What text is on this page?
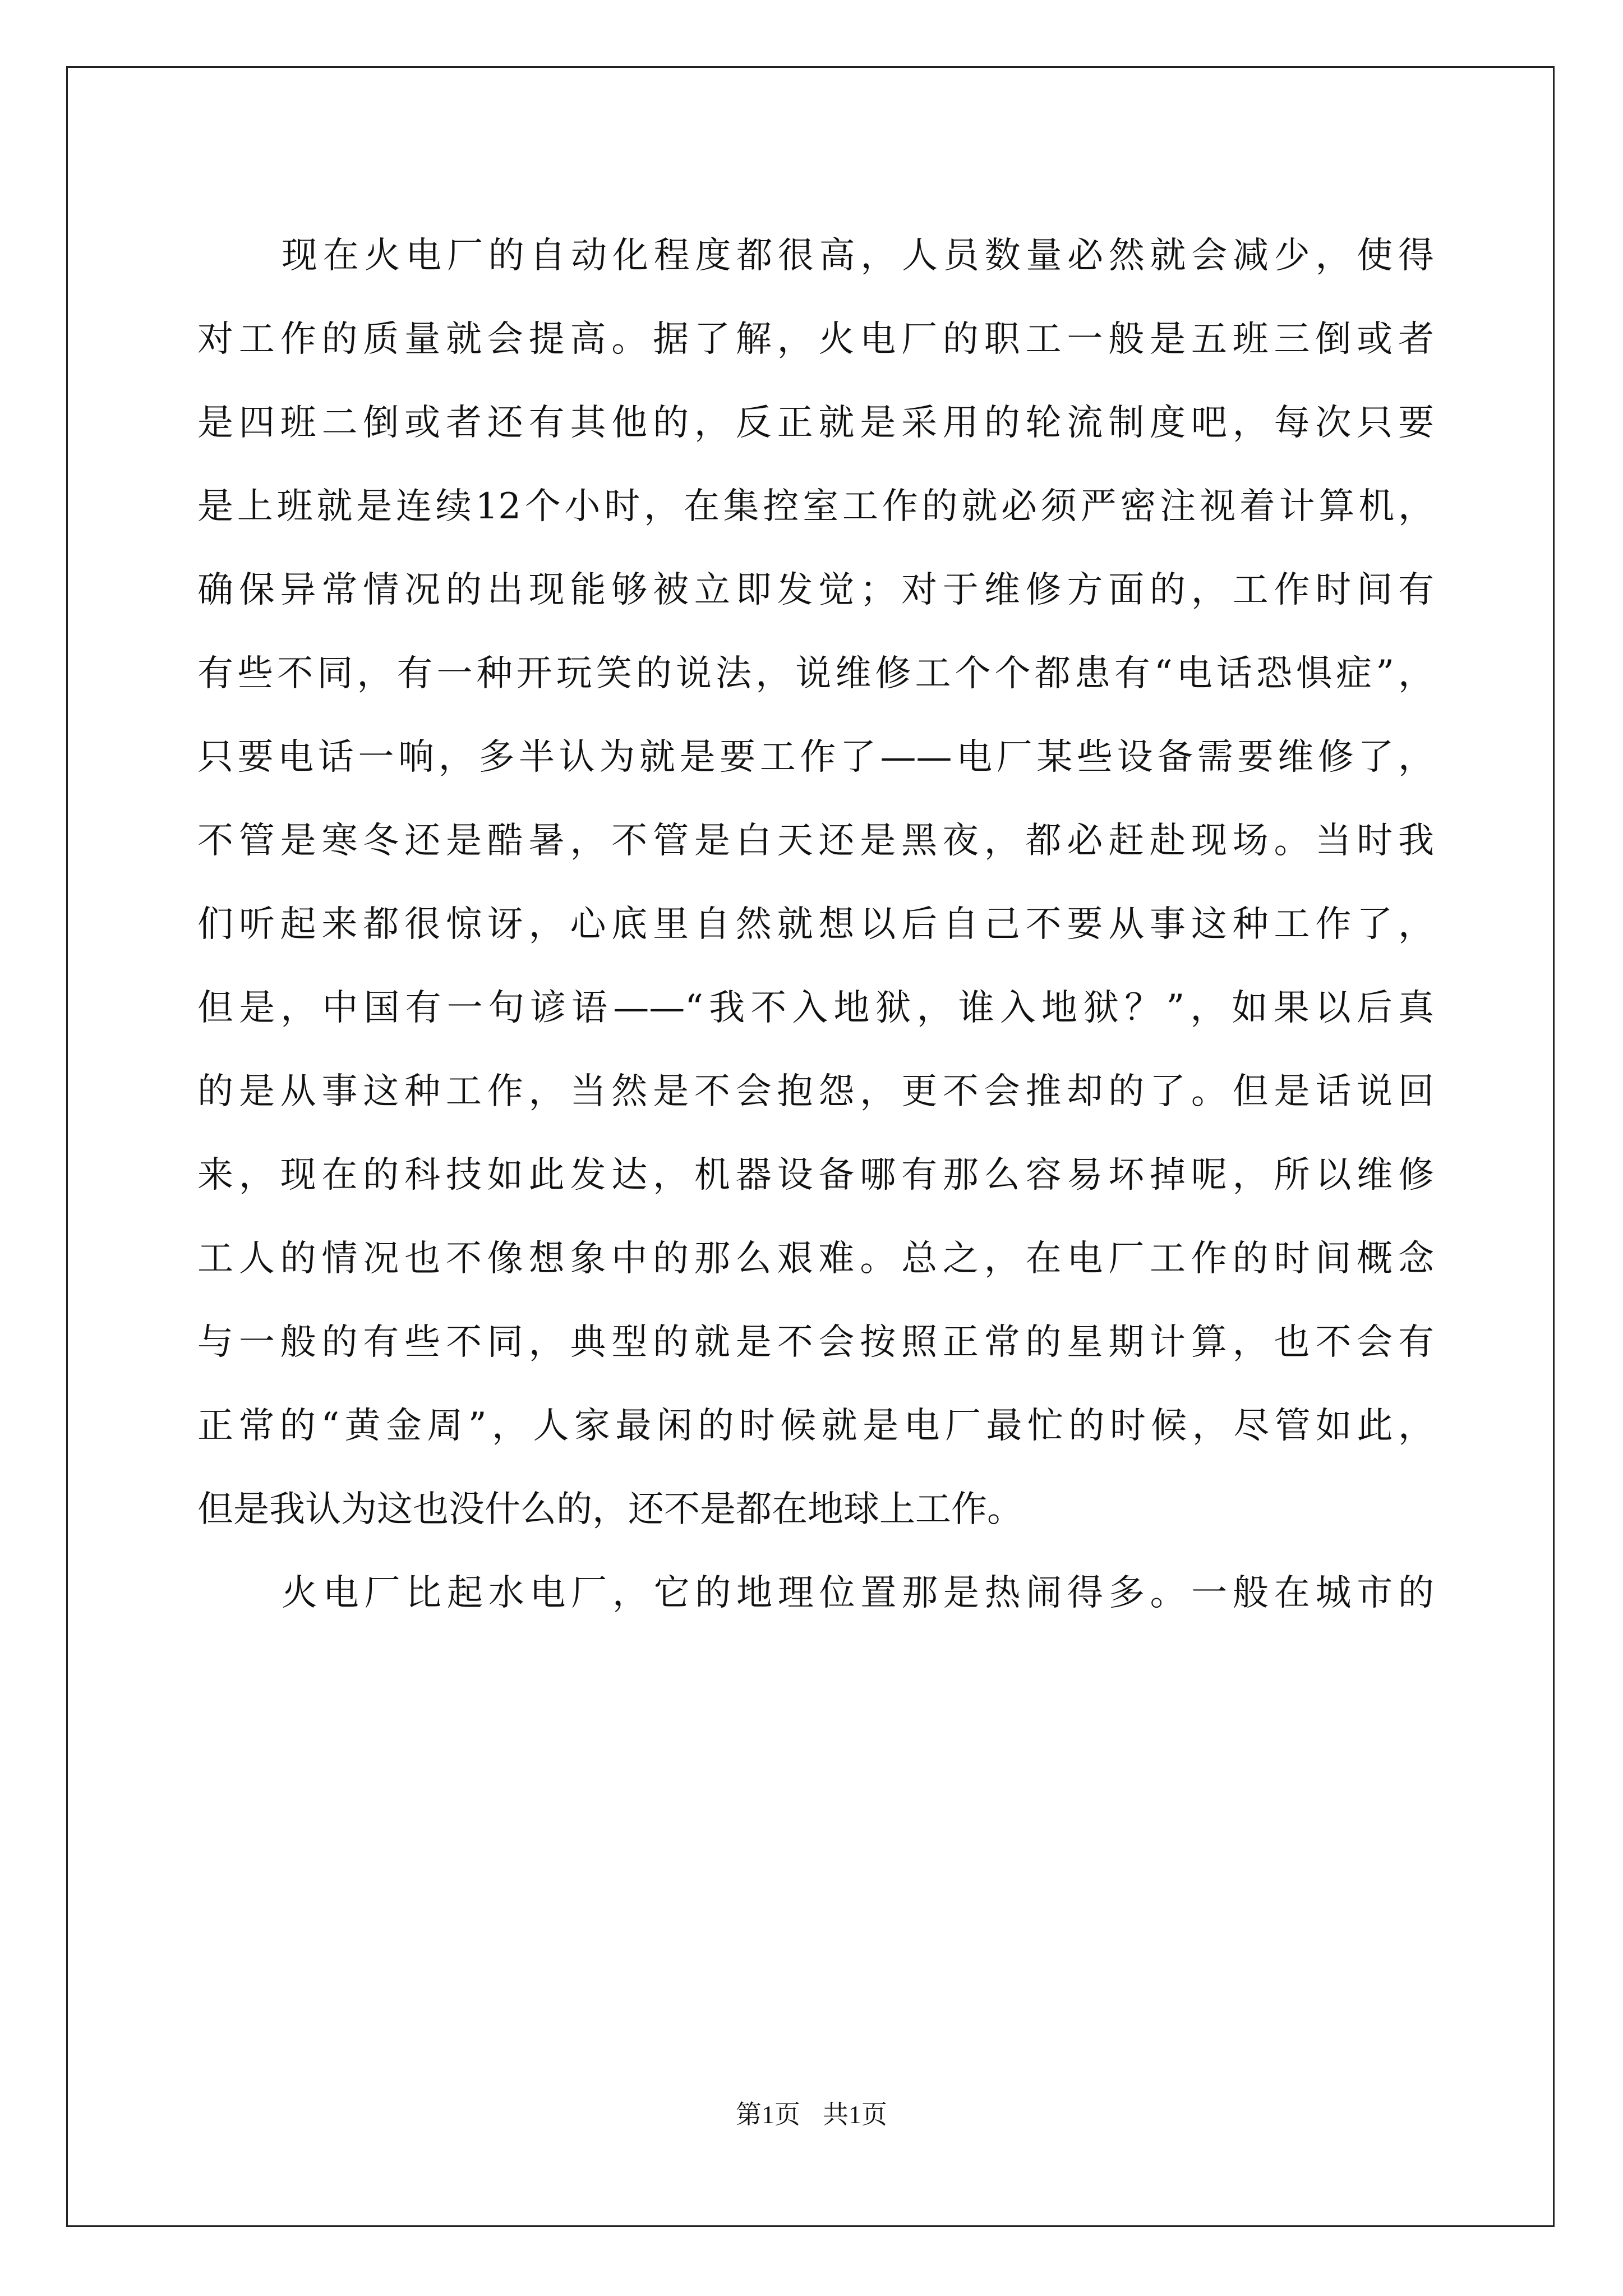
现在火电厂的自动化程度都很高，人员数量必然就会减少，使得
对工作的质量就会提高。据了解，火电厂的职工一般是五班三倒或者
是四班二倒或者还有其他的，反正就是采用的轮流制度吧，每次只要
是上班就是连续12个小时，在集控室工作的就必须严密注视着计算机，
确保异常情况的出现能够被立即发觉；对于维修方面的，工作时间有
有些不同，有一种开玩笑的说法，说维修工个个都患有“电话恐惧症”，
只要电话一响，多半认为就是要工作了——电厂某些设备需要维修了，
不管是寒冬还是酷暑，不管是白天还是黑夜，都必赶赴现场。当时我
们听起来都很惊讶，心底里自然就想以后自己不要从事这种工作了，
但是，中国有一句谚语——“我不入地狱，谁入地狱？”，如果以后真
的是从事这种工作，当然是不会抱怨，更不会推却的了。但是话说回
来，现在的科技如此发达，机器设备哪有那么容易坏掉呢，所以维修
工人的情况也不像想象中的那么艰难。总之，在电厂工作的时间概念
与一般的有些不同，典型的就是不会按照正常的星期计算，也不会有
正常的“黄金周”，人家最闲的时候就是电厂最忙的时候，尽管如此，
但是我认为这也没什么的，还不是都在地球上工作。
火电厂比起水电厂，它的地理位置那是热闹得多。一般在城市的
第1页 共1页
